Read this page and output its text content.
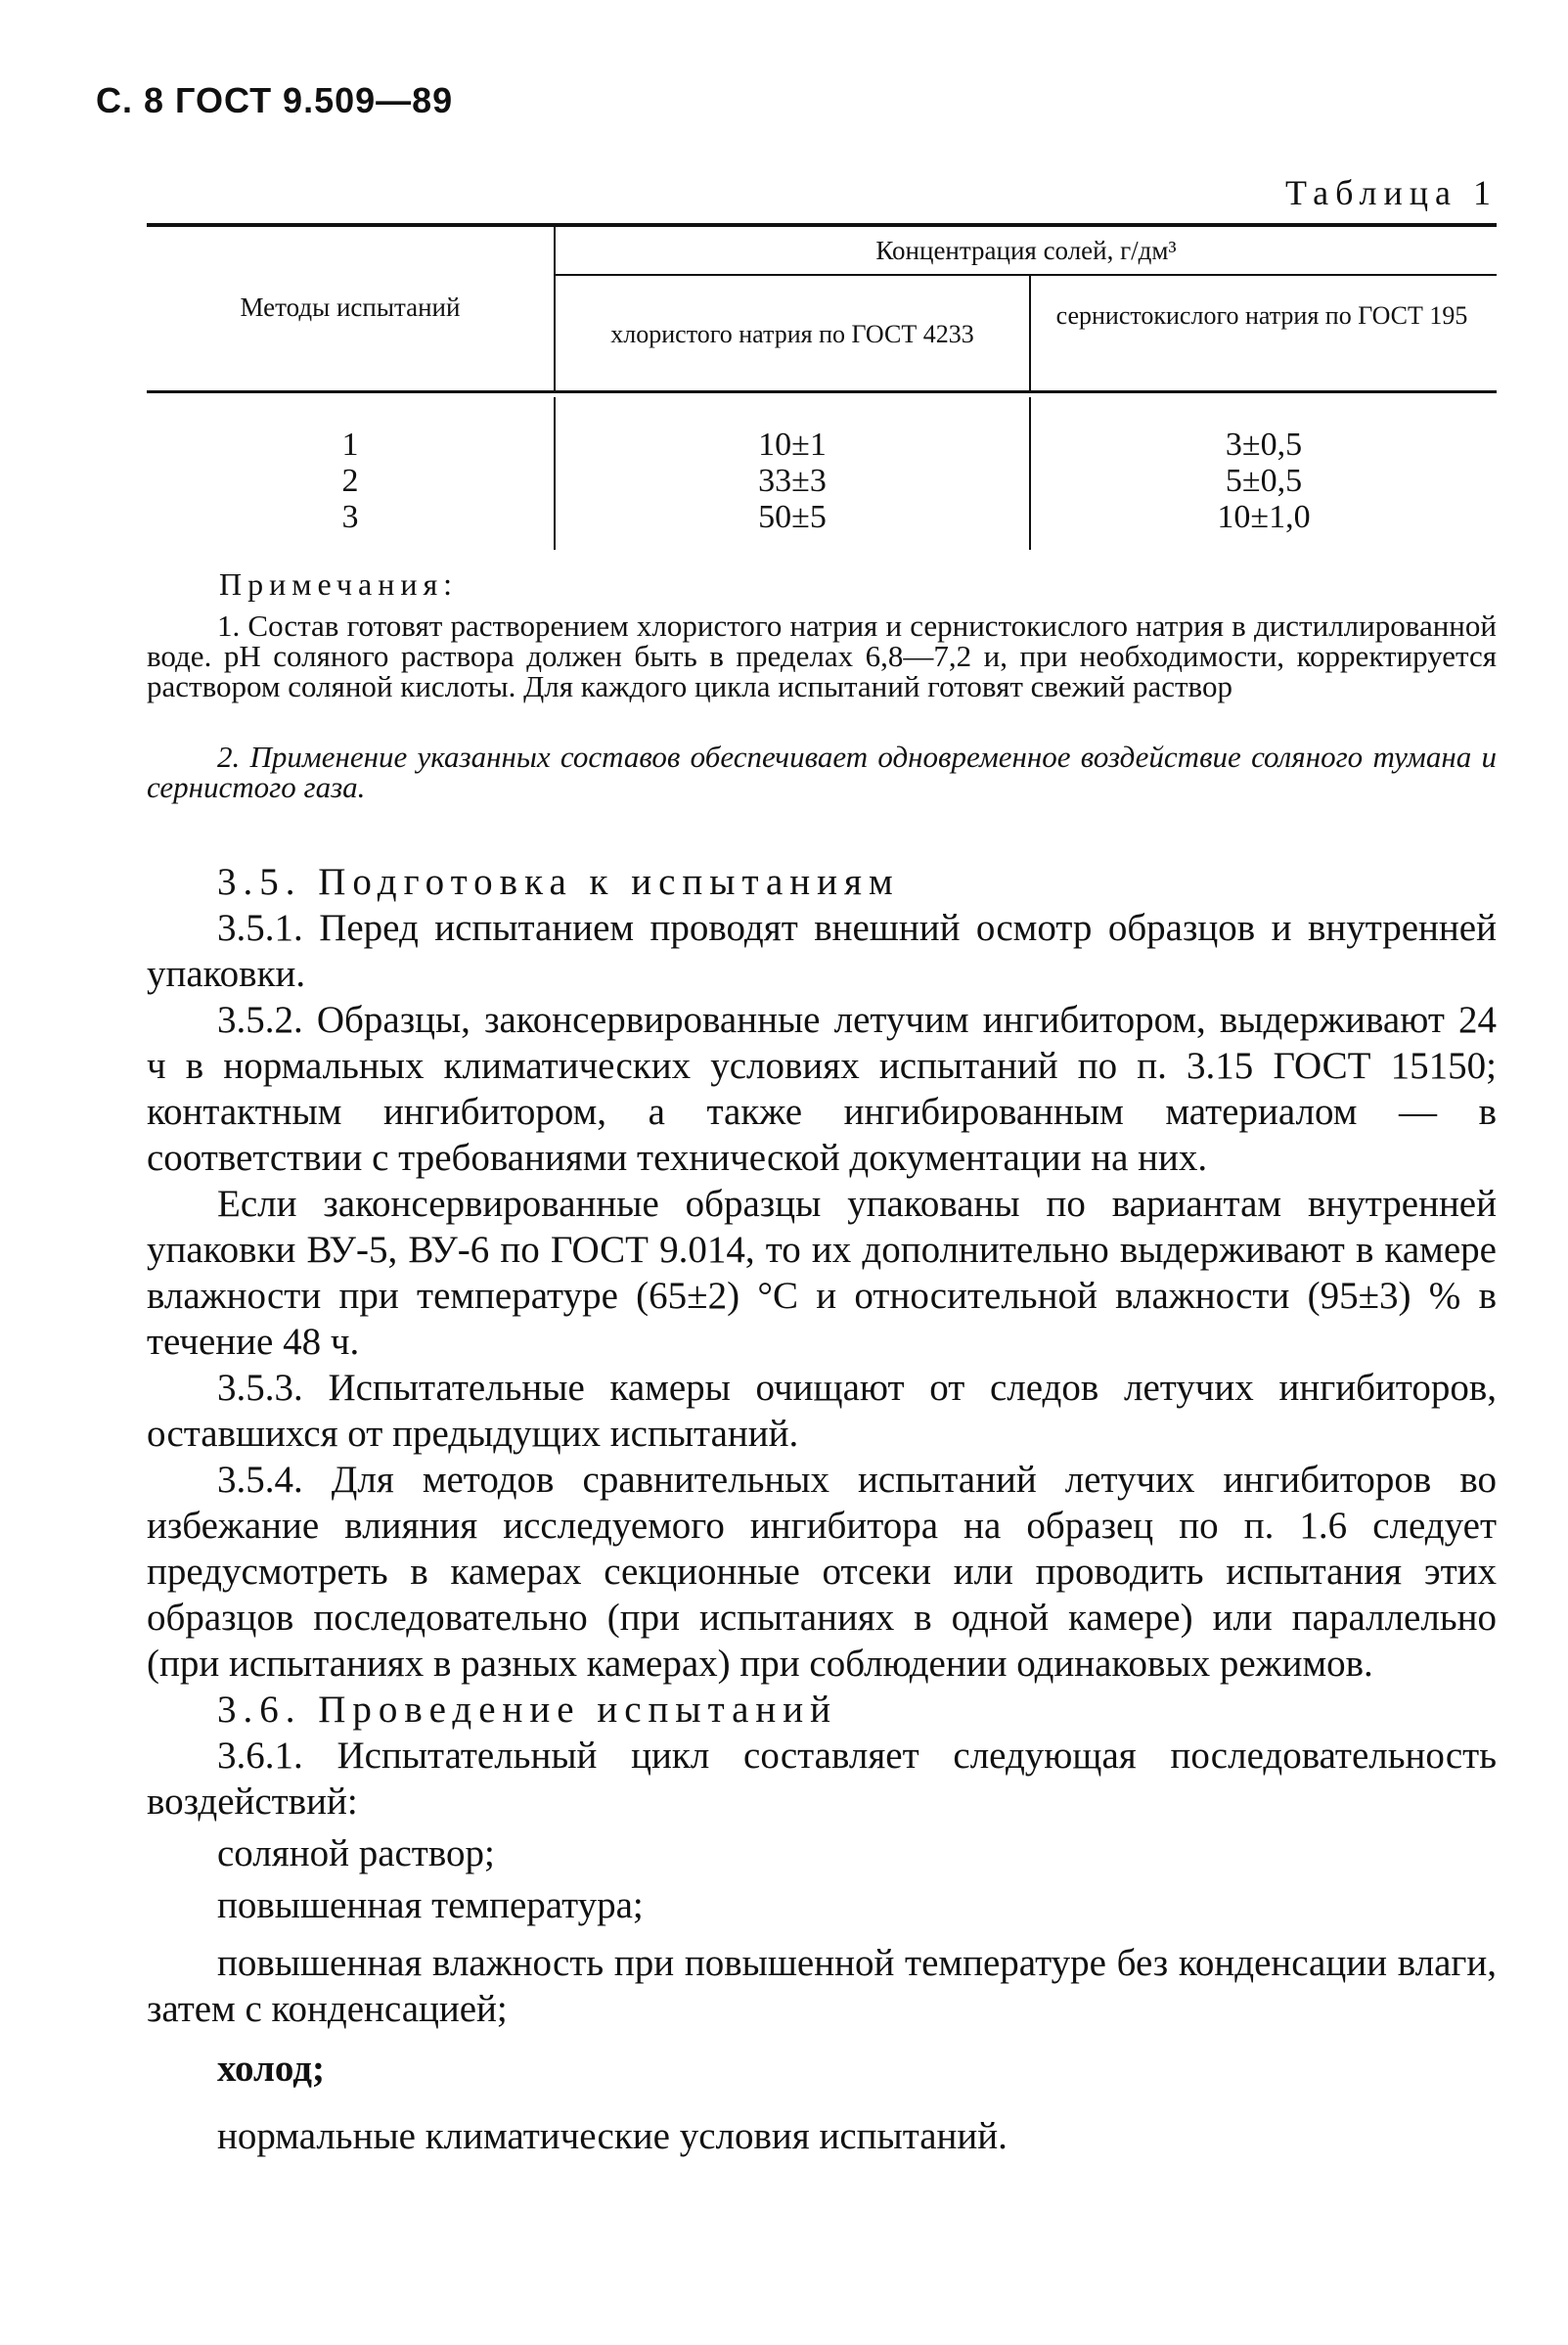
С. 8 ГОСТ 9.509—89
Таблица 1
Методы испытаний
Концентрация солей, г/дм³
хлористого натрия по ГОСТ 4233
сернистокислого натрия по ГОСТ 195
1
2
3
10±1
33±3
50±5
3±0,5
5±0,5
10±1,0
Примечания:
1. Состав готовят растворением хлористого натрия и сернистокислого натрия в дистиллированной воде. pH соляного раствора должен быть в пределах 6,8—7,2 и, при необходимости, корректируется раствором соляной кислоты. Для каждого цикла испытаний готовят свежий раствор
2. Применение указанных составов обеспечивает одновременное воздействие соляного тумана и сернистого газа.

3.5. Подготовка к испытаниям

3.5.1. Перед испытанием проводят внешний осмотр образцов и внутренней упаковки.

3.5.2. Образцы, законсервированные летучим ингибитором, выдерживают 24 ч в нормальных климатических условиях испытаний по п. 3.15 ГОСТ 15150; контактным ингибитором, а также ингибированным материалом — в соответствии с требованиями технической документации на них.

Если законсервированные образцы упакованы по вариантам внутренней упаковки ВУ-5, ВУ-6 по ГОСТ 9.014, то их дополнительно выдерживают в камере влажности при температуре (65±2) °С и относительной влажности (95±3) % в течение 48 ч.

3.5.3. Испытательные камеры очищают от следов летучих ингибиторов, оставшихся от предыдущих испытаний.

3.5.4. Для методов сравнительных испытаний летучих ингибиторов во избежание влияния исследуемого ингибитора на образец по п. 1.6 следует предусмотреть в камерах секционные отсеки или проводить испытания этих образцов последовательно (при испытаниях в одной камере) или параллельно (при испытаниях в разных камерах) при соблюдении одинаковых режимов.

3.6. Проведение испытаний

3.6.1. Испытательный цикл составляет следующая последовательность воздействий:

соляной раствор;

повышенная температура;

повышенная влажность при повышенной температуре без конденсации влаги, затем с конденсацией;

холод;

нормальные климатические условия испытаний.
